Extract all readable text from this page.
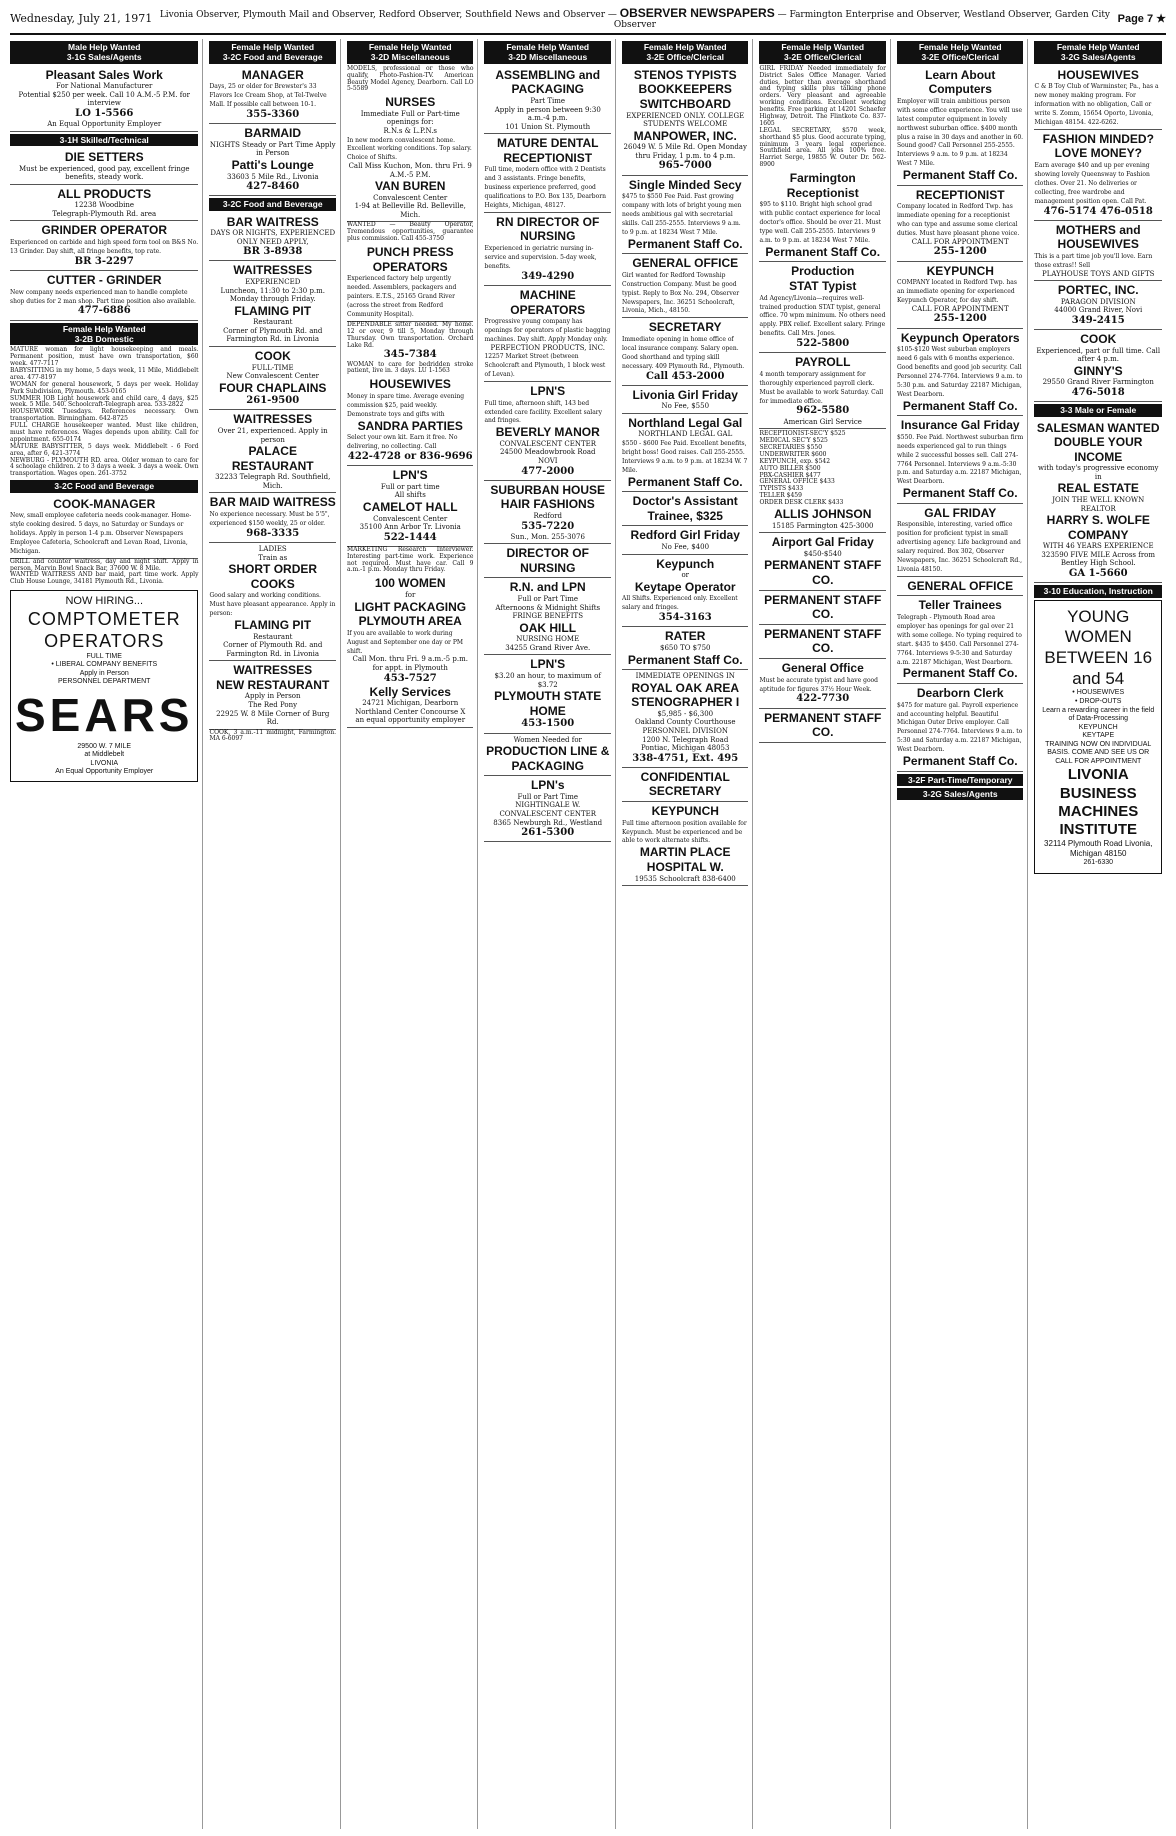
Wednesday, July 21, 1971 Livonia Observer, Plymouth Mail and Observer, Redford Observer, Southfield News and Observer — OBSERVER NEWSPAPERS — Farmington Enterprise and Observer, Westland Observer, Garden City Observer
Page 7 ★
Male Help Wanted
3-1G Sales/Agents
Pleasant Sales Work
For National Manufacturer
Potential $250 per week. Call 10 A.M.-5 P.M. for interview
LO 1-5566
An Equal Opportunity Employer
3-1H Skilled/Technical
DIE SETTERS
Must be experienced, good pay, excellent fringe benefits, steady work.
ALL PRODUCTS
12238 Woodbine
Telegraph-Plymouth Rd. area
GRINDER OPERATOR
Experienced on carbide and high speed form tool on B&S No. 13 Grinder. Day shift, all fringe benefits, top rate.
BR 3-2297
CUTTER - GRINDER
New company needs experienced man to handle complete shop duties for 2 man shop. Part time position also available.
477-6886
Female Help Wanted
3-2B Domestic
MATURE woman for light housekeeping and meals. Permanent position, must have own transportation, $60 week. 477-7117
BABYSITTING in my home, 5 days week, 11 Mile, Middlebelt area. 477-8197
WOMAN for general housework, 5 days per week. Holiday Park Subdivision, Plymouth. 453-0165
SUMMER JOB Light housework and child care, 4 days, $25 week. 5 Mile. 540. Schoolcraft-Telegraph area. 533-2822
HOUSEWORK Tuesdays. References necessary. Own transportation. Birmingham. 642-8725
FULL CHARGE housekeeper wanted. Must like children, must have references. Wages depends upon ability. Call for appointment. 655-0174
MATURE BABYSITTER, 5 days week. Middlebelt - 6 Ford area, after 6, 421-3774
NEWBURG - PLYMOUTH RD. area. Older woman to care for 4 schoolage children. 2 to 3 days a week. 3 days a week. Own transportation. Wages open. 261-3752
3-2C Food and Beverage
COOK-MANAGER
New, small employee cafeteria needs cook-manager. Home-style cooking desired. 5 days, no Saturday or Sundays or holidays. Apply in person 1-4 p.m. Observer Newspapers Employee Cafeteria, Schoolcraft and Levan Road, Livonia, Michigan.
GRILL and counter waitress, day and night shift. Apply in person, Marvin Bowl Snack Bar, 37600 W. 8 Mile.
WANTED WAITRESS AND bar maid, part time work. Apply Club House Lounge, 34181 Plymouth Rd., Livonia.
NOW HIRING...
COMPTOMETER OPERATORS
FULL TIME
• LIBERAL COMPANY BENEFITS
Apply in Person
PERSONNEL DEPARTMENT
SEARS
29500 W. 7 MILE
at Middlebelt
LIVONIA
An Equal Opportunity Employer
Female Help Wanted
3-2C Food and Beverage
MANAGER
Days, 25 or older for Brewster's 33 Flavors Ice Cream Shop, at Tel-Twelve Mall. If possible call between 10-1.
355-3360
BARMAID
NIGHTS Steady or Part Time Apply in Person
Patti's Lounge
33603 5 Mile Rd., Livonia
427-8460
3-2C Food and Beverage
BAR WAITRESS
DAYS OR NIGHTS, EXPERIENCED ONLY NEED APPLY,
BR 3-8938
WAITRESSES
EXPERIENCED
Luncheon, 11:30 to 2:30 p.m. Monday through Friday.
FLAMING PIT
Restaurant
Corner of Plymouth Rd. and Farmington Rd. in Livonia
COOK
FULL-TIME
New Convalescent Center
FOUR CHAPLAINS
261-9500
WAITRESSES
Over 21, experienced. Apply in person
PALACE RESTAURANT
32233 Telegraph Rd. Southfield, Mich.
BAR MAID WAITRESS
No experience necessary. Must be 5'5", experienced $150 weekly, 25 or older.
968-3335
LADIES
Train as
SHORT ORDER COOKS
Good salary and working conditions. Must have pleasant appearance. Apply in person:
FLAMING PIT
Restaurant
Corner of Plymouth Rd. and Farmington Rd. in Livonia
WAITRESSES
NEW RESTAURANT
Apply in Person
The Red Pony
22925 W. 8 Mile Corner of Burg Rd.
COOK, 3 a.m.-11 midnight, Farmington. MA 6-6097
Female Help Wanted
3-2D Miscellaneous
MODELS, professional or those who qualify, Photo-Fashion-TV. American Beauty Model Agency, Dearborn. Call LO 5-5589
NURSES
Immediate Full or Part-time openings for:
R.N.s & L.P.N.s
In new modern convalescent home. Excellent working conditions. Top salary. Choice of Shifts.
Call Miss Kuchon, Mon. thru Fri. 9 A.M.-5 P.M.
VAN BUREN
Convalescent Center
1-94 at Belleville Rd. Belleville, Mich.
WANTED — Beauty Operator, Tremendous opportunities, guarantee plus commission. Call 455-3750
PUNCH PRESS OPERATORS
Experienced factory help urgently needed. Assemblers, packagers and painters. E.T.S., 25165 Grand River (across the street from Redford Community Hospital).
DEPENDABLE sitter needed. My home. 12 or over, 9 till 5, Monday through Thursday. Own transportation. Orchard Lake Rd.
345-7384
WOMAN to care for bedridden stroke patient, live in. 3 days. LU 1-1563
HOUSEWIVES
Money in spare time. Average evening commission $25, paid weekly. Demonstrate toys and gifts with
SANDRA PARTIES
Select your own kit. Earn it free. No delivering, no collecting. Call
422-4728 or 836-9696
LPN'S
Full or part time
All shifts
CAMELOT HALL
Convalescent Center
35100 Ann Arbor Tr. Livonia
522-1444
MARKETING Research Interviewer. Interesting part-time work. Experience not required. Must have car. Call 9 a.m.-1 p.m. Monday thru Friday.
100 WOMEN
for
LIGHT PACKAGING
PLYMOUTH AREA
If you are available to work during August and September one day or PM shift.
Call Mon. thru Fri. 9 a.m.-5 p.m. for appt. in Plymouth
453-7527
Kelly Services
24721 Michigan, Dearborn
Northland Center Concourse X
an equal opportunity employer
Female Help Wanted
3-2D Miscellaneous
ASSEMBLING and PACKAGING
Part Time
Apply in person between 9:30 a.m.-4 p.m.
101 Union St. Plymouth
MATURE DENTAL RECEPTIONIST
Full time, modern office with 2 Dentists and 3 assistants. Fringe benefits, business experience preferred, good qualifications to P.O. Box 135, Dearborn Heights, Michigan, 48127.
RN DIRECTOR OF NURSING
Experienced in geriatric nursing in-service and supervision. 5-day week, benefits.
349-4290
MACHINE OPERATORS
Progressive young company has openings for operators of plastic bagging machines. Day shift. Apply Monday only.
PERFECTION PRODUCTS, INC.
12257 Market Street (between Schoolcraft and Plymouth, 1 block west of Levan).
LPN'S
Full time, afternoon shift, 143 bed extended care facility. Excellent salary and fringes.
BEVERLY MANOR
CONVALESCENT CENTER
24500 Meadowbrook Road
NOVI
477-2000
SUBURBAN HOUSE HAIR FASHIONS
Redford
535-7220
Sun., Mon. 255-3076
DIRECTOR OF NURSING
R.N. and LPN
Full or Part Time
Afternoons & Midnight Shifts FRINGE BENEFITS
OAK HILL
NURSING HOME
34255 Grand River Ave.
LPN'S
$3.20 an hour, to maximum of $3.72
PLYMOUTH STATE HOME
453-1500
Women Needed for
PRODUCTION LINE & PACKAGING
LPN's
Full or Part Time
NIGHTINGALE W. CONVALESCENT CENTER
8365 Newburgh Rd., Westland
261-5300
Female Help Wanted
3-2E Office/Clerical
STENOS TYPISTS BOOKKEEPERS SWITCHBOARD
EXPERIENCED ONLY. COLLEGE STUDENTS WELCOME
MANPOWER, INC.
26049 W. 5 Mile Rd. Open Monday thru Friday, 1 p.m. to 4 p.m.
965-7000
Single Minded Secy
$475 to $550 Fee Paid. Fast growing company with lots of bright young men needs ambitious gal with secretarial skills. Call 255-2555. Interviews 9 a.m. to 9 p.m. at 18234 West 7 Mile.
Permanent Staff Co.
GENERAL OFFICE
Girl wanted for Redford Township Construction Company. Must be good typist. Reply to Box No. 294, Observer Newspapers, Inc. 36251 Schoolcraft, Livonia, Mich., 48150.
SECRETARY
Immediate opening in home office of local insurance company. Salary open. Good shorthand and typing skill necessary. 409 Plymouth Rd., Plymouth.
Call 453-2000
Livonia Girl Friday
No Fee, $550
Northland Legal Gal
NORTHLAND LEGAL GAL
$550 - $600 Fee Paid. Excellent benefits, bright boss! Good raises. Call 255-2555. Interviews 9 a.m. to 9 p.m. at 18234 W. 7 Mile.
Permanent Staff Co.
Doctor's Assistant Trainee, $325
Redford Girl Friday
No Fee, $400
Keypunch
or
Keytape Operator
All Shifts. Experienced only. Excellent salary and fringes.
354-3163
RATER
$650 TO $750
Permanent Staff Co.
IMMEDIATE OPENINGS IN
ROYAL OAK AREA
STENOGRAPHER I
$5,985 - $6,300
Oakland County Courthouse
PERSONNEL DIVISION
1200 N. Telegraph Road
Pontiac, Michigan 48053
338-4751, Ext. 495
CONFIDENTIAL SECRETARY
KEYPUNCH
Full time afternoon position available for Keypunch. Must be experienced and be able to work alternate shifts.
MARTIN PLACE HOSPITAL W.
19535 Schoolcraft 838-6400
Female Help Wanted
3-2E Office/Clerical
GIRL FRIDAY Needed immediately for District Sales Office Manager. Varied duties, better than average shorthand and typing skills plus talking phone orders. Very pleasant and agreeable working conditions. Excellent working benefits. Free parking at 14201 Schaefer Highway, Detroit. The Flintkote Co. 837-1605
LEGAL SECRETARY, $570 week, shorthand $5 plus. Good accurate typing, minimum 3 years legal experience. Southfield area. All jobs 100% free. Harriet Serge, 19855 W. Outer Dr. 562-8900
Farmington Receptionist
$95 to $110. Bright high school grad with public contact experience for local doctor's office. Should be over 21. Must type well. Call 255-2555. Interviews 9 a.m. to 9 p.m. at 18234 West 7 Mile.
Permanent Staff Co.
Production
STAT Typist
Ad Agency/Livonia—requires well-trained production STAT typist, general office. 70 wpm minimum. No others need apply. PBX relief. Excellent salary. Fringe benefits. Call Mrs. Jones.
522-5800
PAYROLL
4 month temporary assignment for thoroughly experienced payroll clerk. Must be available to work Saturday. Call for immediate office.
962-5580
American Girl Service
RECEPTIONIST-SEC'Y $525
MEDICAL SEC'Y $525
SECRETARIES $550
UNDERWRITER $600
KEYPUNCH, exp. $542
AUTO BILLER $500
PBX-CASHIER $477
GENERAL OFFICE $433
TYPISTS $433
TELLER $459
ORDER DESK CLERK $433
ALLIS JOHNSON
15185 Farmington 425-3000
Airport Gal Friday
$450-$540
PERMANENT STAFF CO.
PERMANENT STAFF CO.
PERMANENT STAFF CO.
General Office
Must be accurate typist and have good aptitude for figures 37½ Hour Week.
422-7730
PERMANENT STAFF CO.
Female Help Wanted
3-2E Office/Clerical
Learn About Computers
Employer will train ambitious person with some office experience. You will use latest computer equipment in lovely northwest suburban office. $400 month plus a raise in 30 days and another in 60. Sound good? Call Personnel 255-2555. Interviews 9 a.m. to 9 p.m. at 18234 West 7 Mile.
Permanent Staff Co.
RECEPTIONIST
Company located in Redford Twp. has immediate opening for a receptionist who can type and assume some clerical duties. Must have pleasant phone voice.
CALL FOR APPOINTMENT
255-1200
KEYPUNCH
COMPANY located in Redford Twp. has an immediate opening for experienced Keypunch Operator, for day shift.
CALL FOR APPOINTMENT
255-1200
Keypunch Operators
$105-$120 West suburban employers need 6 gals with 6 months experience. Good benefits and good job security. Call Personnel 274-7764. Interviews 9 a.m. to 5:30 p.m. and Saturday 22187 Michigan, West Dearborn.
Permanent Staff Co.
Insurance Gal Friday
$550. Fee Paid. Northwest suburban firm needs experienced gal to run things while 2 successful bosses sell. Call 274-7764 Personnel. Interviews 9 a.m.-5:30 p.m. and Saturday a.m. 22187 Michigan, West Dearborn.
Permanent Staff Co.
GAL FRIDAY
Responsible, interesting, varied office position for proficient typist in small advertising agency. Life background and salary required. Box 302, Observer Newspapers, Inc. 36251 Schoolcraft Rd., Livonia 48150.
GENERAL OFFICE
Teller Trainees
Telegraph - Plymouth Road area employer has openings for gal over 21 with some college. No typing required to start. $435 to $450. Call Personnel 274-7764. Interviews 9-5:30 and Saturday a.m. 22187 Michigan, West Dearborn.
Permanent Staff Co.
Dearborn Clerk
$475 for mature gal. Payroll experience and accounting helpful. Beautiful Michigan Outer Drive employer. Call Personnel 274-7764. Interviews 9 a.m. to 5:30 and Saturday a.m. 22187 Michigan, West Dearborn.
Permanent Staff Co.
3-2F Part-Time/Temporary
3-2G Sales/Agents
Female Help Wanted
3-2G Sales/Agents
HOUSEWIVES
C & B Toy Club of Warminster, Pa., has a new money making program. For information with no obligation, Call or write S. Zomm, 15654 Oporto, Livonia, Michigan 48154. 422-6262.
FASHION MINDED? LOVE MONEY?
Earn average $40 and up per evening showing lovely Queensway to Fashion clothes. Over 21. No deliveries or collecting, free wardrobe and management position open. Call Pat.
476-5174 476-0518
MOTHERS and HOUSEWIVES
This is a part time job you'll love. Earn those extras!! Sell
PLAYHOUSE TOYS AND GIFTS
PORTEC, INC.
PARAGON DIVISION
44000 Grand River, Novi
349-2415
COOK
Experienced, part or full time. Call after 4 p.m.
GINNY'S
29550 Grand River Farmington
476-5018
3-3 Male or Female
SALESMAN WANTED
DOUBLE YOUR INCOME
with today's progressive economy in
REAL ESTATE
JOIN THE WELL KNOWN REALTOR
HARRY S. WOLFE COMPANY
WITH 46 YEARS EXPERIENCE
323590 FIVE MILE Across from Bentley High School.
GA 1-5660
3-10 Education, Instruction
YOUNG WOMEN BETWEEN 16 and 54
• HOUSEWIVES
• DROP-OUTS
Learn a rewarding career in the field of Data-Processing
KEYPUNCH
KEYTAPE
TRAINING NOW ON INDIVIDUAL BASIS. COME AND SEE US OR CALL FOR APPOINTMENT
LIVONIA BUSINESS MACHINES INSTITUTE
32114 Plymouth Road Livonia, Michigan 48150
261-6330
